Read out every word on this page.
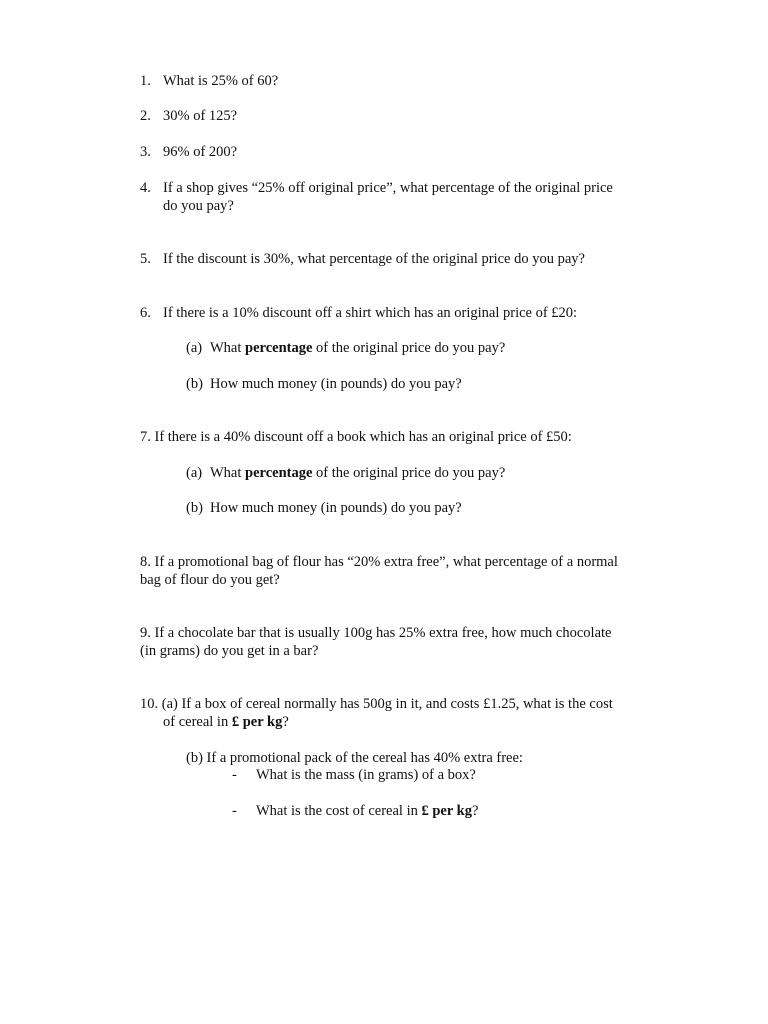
1. What is 25% of 60?
2. 30% of 125?
3. 96% of 200?
4. If a shop gives “25% off original price”, what percentage of the original price
do you pay?
5. If the discount is 30%, what percentage of the original price do you pay?
6. If there is a 10% discount off a shirt which has an original price of £20:
(a) What percentage of the original price do you pay?
(b) How much money (in pounds) do you pay?
7. If there is a 40% discount off a book which has an original price of £50:
(a) What percentage of the original price do you pay?
(b) How much money (in pounds) do you pay?
8. If a promotional bag of flour has “20% extra free”, what percentage of a normal
bag of flour do you get?
9. If a chocolate bar that is usually 100g has 25% extra free, how much chocolate
(in grams) do you get in a bar?
10. (a) If a box of cereal normally has 500g in it, and costs £1.25, what is the cost
of cereal in £ per kg?
(b) If a promotional pack of the cereal has 40% extra free:
- What is the mass (in grams) of a box?
- What is the cost of cereal in £ per kg?
